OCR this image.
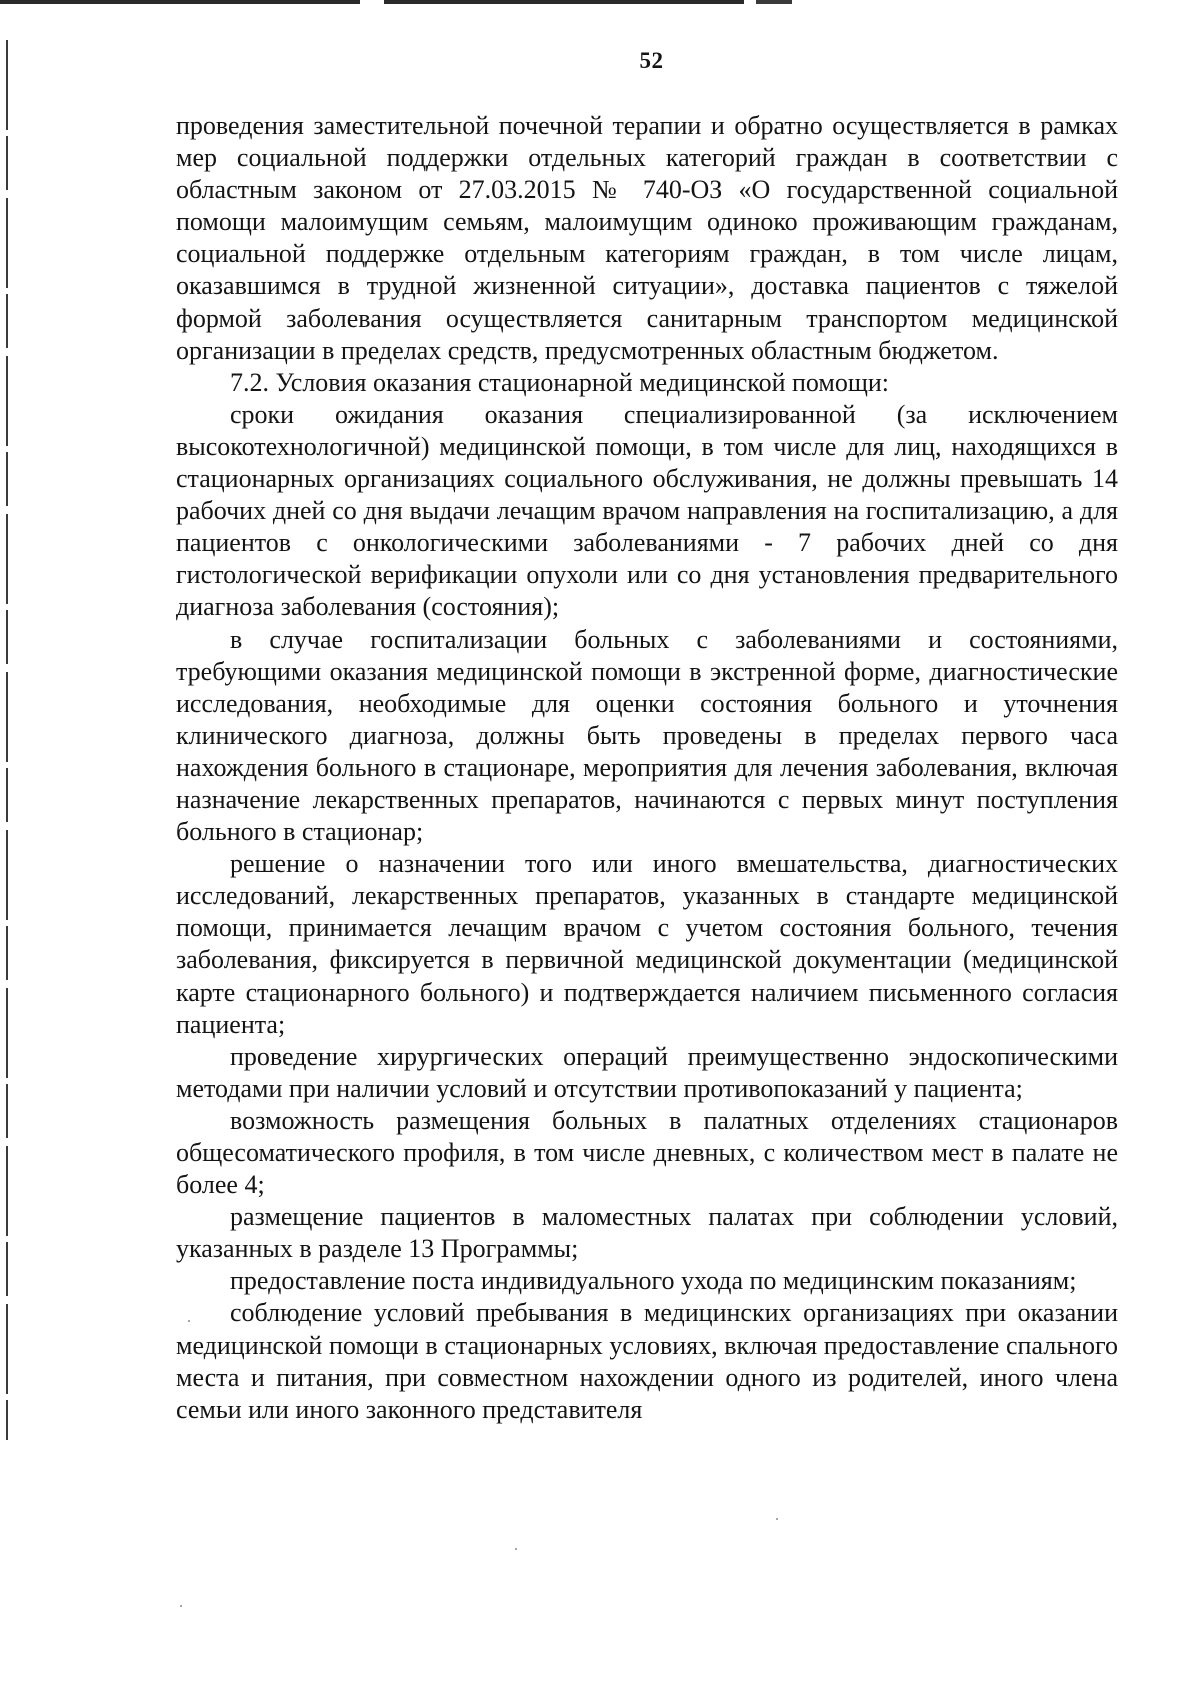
52

проведения заместительной почечной терапии и обратно осуществляется в рамках мер социальной поддержки отдельных категорий граждан в соответствии с областным законом от 27.03.2015 № 740-ОЗ «О государственной социальной помощи малоимущим семьям, малоимущим одиноко проживающим гражданам, социальной поддержке отдельным категориям граждан, в том числе лицам, оказавшимся в трудной жизненной ситуации», доставка пациентов с тяжелой формой заболевания осуществляется санитарным транспортом медицинской организации в пределах средств, предусмотренных областным бюджетом.

7.2. Условия оказания стационарной медицинской помощи:

сроки ожидания оказания специализированной (за исключением высокотехнологичной) медицинской помощи, в том числе для лиц, находящихся в стационарных организациях социального обслуживания, не должны превышать 14 рабочих дней со дня выдачи лечащим врачом направления на госпитализацию, а для пациентов с онкологическими заболеваниями - 7 рабочих дней со дня гистологической верификации опухоли или со дня установления предварительного диагноза заболевания (состояния);

в случае госпитализации больных с заболеваниями и состояниями, требующими оказания медицинской помощи в экстренной форме, диагностические исследования, необходимые для оценки состояния больного и уточнения клинического диагноза, должны быть проведены в пределах первого часа нахождения больного в стационаре, мероприятия для лечения заболевания, включая назначение лекарственных препаратов, начинаются с первых минут поступления больного в стационар;

решение о назначении того или иного вмешательства, диагностических исследований, лекарственных препаратов, указанных в стандарте медицинской помощи, принимается лечащим врачом с учетом состояния больного, течения заболевания, фиксируется в первичной медицинской документации (медицинской карте стационарного больного) и подтверждается наличием письменного согласия пациента;

проведение хирургических операций преимущественно эндоскопическими методами при наличии условий и отсутствии противопоказаний у пациента;

возможность размещения больных в палатных отделениях стационаров общесоматического профиля, в том числе дневных, с количеством мест в палате не более 4;

размещение пациентов в маломестных палатах при соблюдении условий, указанных в разделе 13 Программы;

предоставление поста индивидуального ухода по медицинским показаниям;

соблюдение условий пребывания в медицинских организациях при оказании медицинской помощи в стационарных условиях, включая предоставление спального места и питания, при совместном нахождении одного из родителей, иного члена семьи или иного законного представителя
